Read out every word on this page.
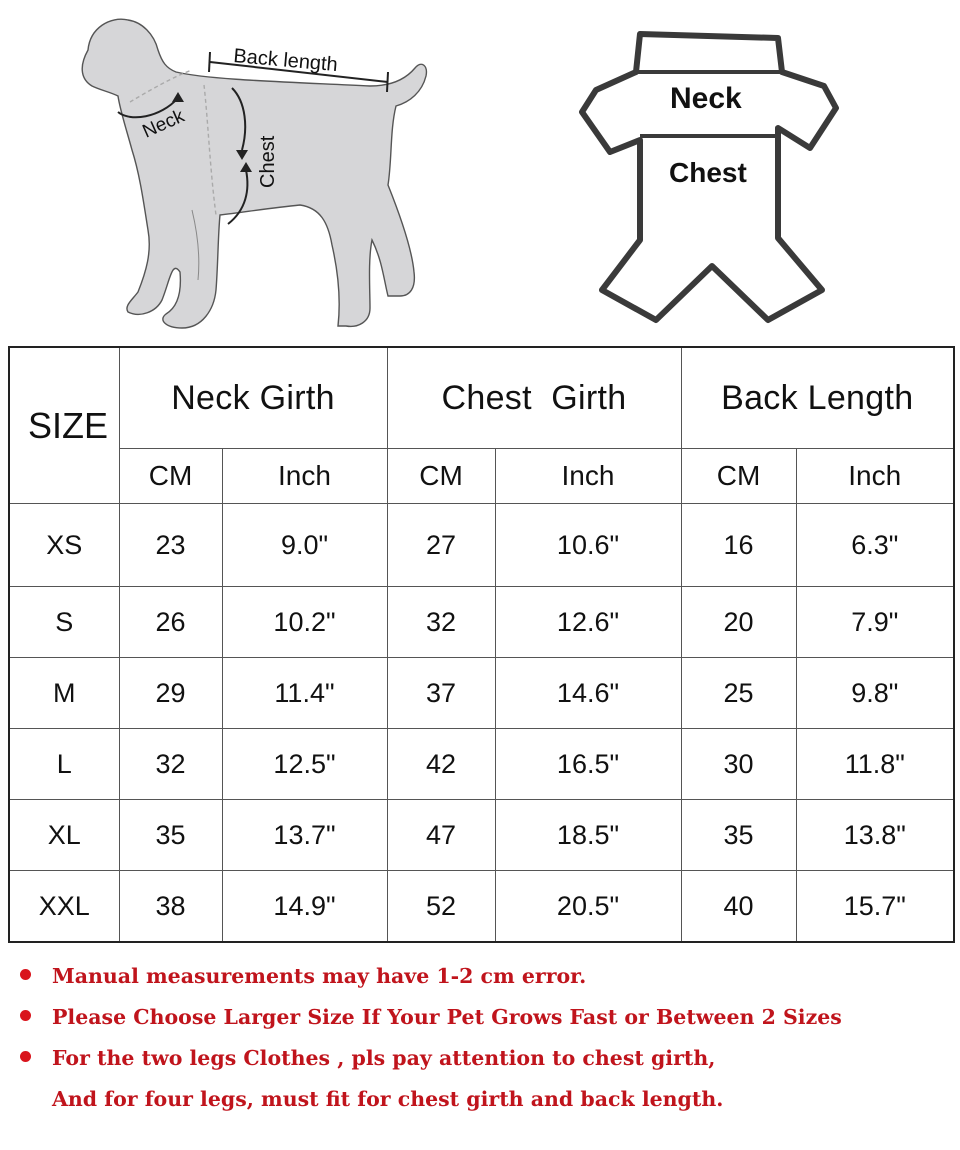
Neck
Back length
Chest
Neck
Chest
SIZE	Neck Girth		Chest  Girth		Back Length	
	CM	Inch	CM	Inch	CM	Inch
XS	23	9.0"	27	10.6"	16	6.3"
S	26	10.2"	32	12.6"	20	7.9"
M	29	11.4"	37	14.6"	25	9.8"
L	32	12.5"	42	16.5"	30	11.8"
XL	35	13.7"	47	18.5"	35	13.8"
XXL	38	14.9"	52	20.5"	40	15.7"
Manual measurements may have 1-2 cm error.
Please Choose Larger Size If Your Pet Grows Fast or Between 2 Sizes
For the two legs Clothes , pls pay attention to chest girth,
And for four legs, must fit for chest girth and back length.
